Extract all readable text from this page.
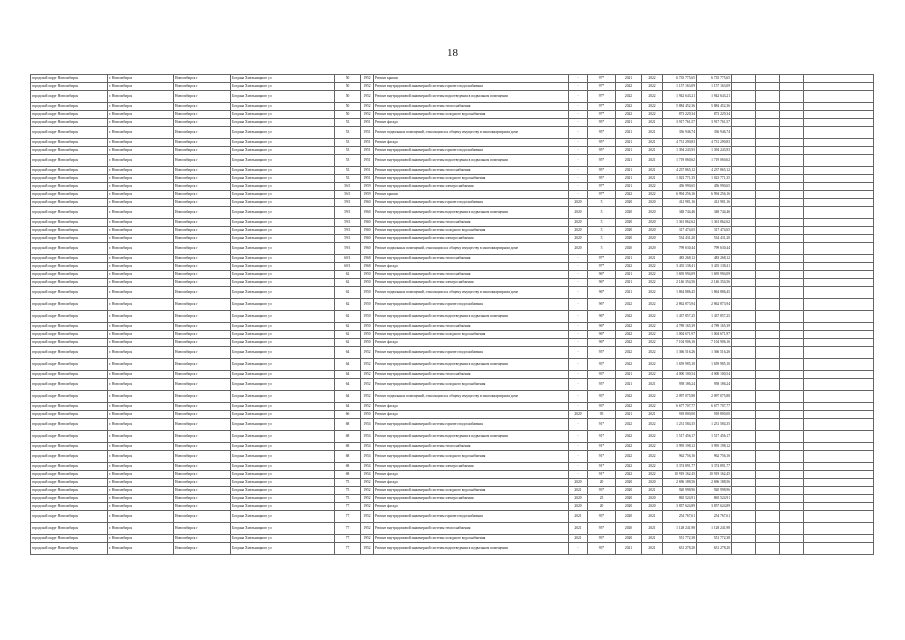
18
городской округ Новосибирск	г. Новосибирск	Новосибирск г	Богдана Хмельницкого ул	50	1952	Ремонт крыши	-	97*	2021	2022	6 735 775,65	6 735 775,65				
городской округ Новосибирск	г. Новосибирск	Новосибирск г	Богдана Хмельницкого ул	50	1952	Ремонт внутридомовой инженерной системы горячего водоснабжения	-	97*	2022	2022	1 157 163,09	1 157 163,09				
городской округ Новосибирск	г. Новосибирск	Новосибирск г	Богдана Хмельницкого ул	50	1952	Ремонт внутридомовой инженерной системы водоотведения в подвальном помещении	-	97*	2022	2022	1 942 643,21	1 942 643,21				
городской округ Новосибирск	г. Новосибирск	Новосибирск г	Богдана Хмельницкого ул	50	1952	Ремонт внутридомовой инженерной системы теплоснабжения	-	97*	2022	2022	5 884 452,36	5 884 452,36				
городской округ Новосибирск	г. Новосибирск	Новосибирск г	Богдана Хмельницкого ул	50	1952	Ремонт внутридомовой инженерной системы холодного водоснабжения	-	97*	2022	2022	873 229,34	873 229,34				
городской округ Новосибирск	г. Новосибирск	Новосибирск г	Богдана Хмельницкого ул	53	1951	Ремонт фасада	-	95*	2021	2021	3 917 761,57	3 917 761,57				
городской округ Новосибирск	г. Новосибирск	Новосибирск г	Богдана Хмельницкого ул	53	1951	Ремонт подвальных помещений, относящихся к общему имуществу в многоквартирном доме	-	95*	2021	2021	336 946,74	336 946,74				
городской округ Новосибирск	г. Новосибирск	Новосибирск г	Богдана Хмельницкого ул	53	1951	Ремонт фасада	-	95*	2021	2021	4 731 290,83	4 731 290,83				
городской округ Новосибирск	г. Новосибирск	Новосибирск г	Богдана Хмельницкого ул	53	1951	Ремонт внутридомовой инженерной системы горячего водоснабжения	-	95*	2021	2021	1 394 243,93	1 394 243,93				
городской округ Новосибирск	г. Новосибирск	Новосибирск г	Богдана Хмельницкого ул	53	1951	Ремонт внутридомовой инженерной системы водоотведения в подвальном помещении	-	95*	2021	2021	1 719 060,62	1 719 060,62				
городской округ Новосибирск	г. Новосибирск	Новосибирск г	Богдана Хмельницкого ул	53	1951	Ремонт внутридомовой инженерной системы теплоснабжения	-	95*	2021	2021	4 237 865,12	4 237 865,12				
городской округ Новосибирск	г. Новосибирск	Новосибирск г	Богдана Хмельницкого ул	53	1951	Ремонт внутридомовой инженерной системы холодного водоснабжения	-	95*	2021	2021	1 023 771,35	1 023 771,35				
городской округ Новосибирск	г. Новосибирск	Новосибирск г	Богдана Хмельницкого ул	56/1	1959	Ремонт внутридомовой инженерной системы электроснабжения	-	97*	2021	2022	456 990,65	456 990,65				
городской округ Новосибирск	г. Новосибирск	Новосибирск г	Богдана Хмельницкого ул	56/1	1959	Ремонт крыши	-	97*	2022	2022	6 994 256,16	6 994 256,16				
городской округ Новосибирск	г. Новосибирск	Новосибирск г	Богдана Хмельницкого ул	59/1	1960	Ремонт внутридомовой инженерной системы горячего водоснабжения	2020	5	2020	2020	412 981,16	412 981,16				
городской округ Новосибирск	г. Новосибирск	Новосибирск г	Богдана Хмельницкого ул	59/1	1960	Ремонт внутридомовой инженерной системы водоотведения в подвальном помещении	2020	5	2020	2020	348 744,46	348 744,46				
городской округ Новосибирск	г. Новосибирск	Новосибирск г	Богдана Хмельницкого ул	59/1	1960	Ремонт внутридомовой инженерной системы теплоснабжения	2020	5	2020	2020	1 361 862,62	1 361 862,62				
городской округ Новосибирск	г. Новосибирск	Новосибирск г	Богдана Хмельницкого ул	59/1	1960	Ремонт внутридомовой инженерной системы холодного водоснабжения	2020	5	2020	2020	317 474,65	317 474,65				
городской округ Новосибирск	г. Новосибирск	Новосибирск г	Богдана Хмельницкого ул	59/1	1960	Ремонт внутридомовой инженерной системы электроснабжения	2020	5	2020	2020	534 431,20	534 431,20				
городской округ Новосибирск	г. Новосибирск	Новосибирск г	Богдана Хмельницкого ул	59/1	1960	Ремонт подвальных помещений, относящихся к общему имуществу в многоквартирном доме	2020	5	2020	2020	799 630,44	799 630,44				
городской округ Новосибирск	г. Новосибирск	Новосибирск г	Богдана Хмельницкого ул	60/1	1968	Ремонт внутридомовой инженерной системы теплоснабжения	-	97*	2021	2021	483 268,12	483 268,12				
городской округ Новосибирск	г. Новосибирск	Новосибирск г	Богдана Хмельницкого ул	60/1	1968	Ремонт фасада	-	97*	2022	2022	3 435 138,41	3 435 138,41				
городской округ Новосибирск	г. Новосибирск	Новосибирск г	Богдана Хмельницкого ул	62	1950	Ремонт внутридомовой инженерной системы теплоснабжения	-	96*	2021	2022	1 695 994,09	1 695 994,09				
городской округ Новосибирск	г. Новосибирск	Новосибирск г	Богдана Хмельницкого ул	62	1950	Ремонт внутридомовой инженерной системы электроснабжения	-	96*	2021	2022	2 146 354,56	2 146 354,56				
городской округ Новосибирск	г. Новосибирск	Новосибирск г	Богдана Хмельницкого ул	62	1950	Ремонт подвальных помещений, относящихся к общему имуществу в многоквартирном доме	-	96*	2021	2022	1 864 886,45	1 864 886,45				
городской округ Новосибирск	г. Новосибирск	Новосибирск г	Богдана Хмельницкого ул	62	1950	Ремонт внутридомовой инженерной системы горячего водоснабжения	-	96*	2022	2022	2 862 873,94	2 862 873,94				
городской округ Новосибирск	г. Новосибирск	Новосибирск г	Богдана Хмельницкого ул	62	1950	Ремонт внутридомовой инженерной системы водоотведения в подвальном помещении	-	96*	2022	2022	1 437 857,25	1 437 857,25				
городской округ Новосибирск	г. Новосибирск	Новосибирск г	Богдана Хмельницкого ул	62	1950	Ремонт внутридомовой инженерной системы теплоснабжения	-	96*	2022	2022	4 789 165,39	4 789 165,39				
городской округ Новосибирск	г. Новосибирск	Новосибирск г	Богдана Хмельницкого ул	62	1950	Ремонт внутридомовой инженерной системы холодного водоснабжения	-	96*	2022	2022	1 004 671,97	1 004 671,97				
городской округ Новосибирск	г. Новосибирск	Новосибирск г	Богдана Хмельницкого ул	62	1950	Ремонт фасада	-	96*	2022	2022	7 104 906,16	7 104 906,16				
городской округ Новосибирск	г. Новосибирск	Новосибирск г	Богдана Хмельницкого ул	64	1952	Ремонт внутридомовой инженерной системы горячего водоснабжения	-	93*	2022	2022	1 366 516,26	1 366 516,26				
городской округ Новосибирск	г. Новосибирск	Новосибирск г	Богдана Хмельницкого ул	64	1952	Ремонт внутридомовой инженерной системы водоотведения в подвальном помещении	-	93*	2022	2022	1 659 985,10	1 659 985,10				
городской округ Новосибирск	г. Новосибирск	Новосибирск г	Богдана Хмельницкого ул	64	1952	Ремонт внутридомовой инженерной системы теплоснабжения	-	93*	2021	2022	4 000 100,54	4 000 100,54				
городской округ Новосибирск	г. Новосибирск	Новосибирск г	Богдана Хмельницкого ул	64	1952	Ремонт внутридомовой инженерной системы холодного водоснабжения	-	93*	2021	2021	958 186,24	958 186,24				
городской округ Новосибирск	г. Новосибирск	Новосибирск г	Богдана Хмельницкого ул	64	1952	Ремонт подвальных помещений, относящихся к общему имуществу в многоквартирном доме	-	93*	2022	2022	2 097 075,88	2 097 075,88				
городской округ Новосибирск	г. Новосибирск	Новосибирск г	Богдана Хмельницкого ул	64	1952	Ремонт фасада	-	93*	2022	2022	6 677 707,77	6 677 707,77				
городской округ Новосибирск	г. Новосибирск	Новосибирск г	Богдана Хмельницкого ул	66	1950	Ремонт фасада	2020	95	2021	2021	918 800,00	918 800,00				
городской округ Новосибирск	г. Новосибирск	Новосибирск г	Богдана Хмельницкого ул	68	1954	Ремонт внутридомовой инженерной системы горячего водоснабжения	-	91*	2022	2022	1 231 584,35	1 231 584,35				
городской округ Новосибирск	г. Новосибирск	Новосибирск г	Богдана Хмельницкого ул	68	1954	Ремонт внутридомовой инженерной системы водоотведения в подвальном помещении	-	91*	2022	2022	1 517 456,17	1 517 456,17				
городской округ Новосибирск	г. Новосибирск	Новосибирск г	Богдана Хмельницкого ул	68	1954	Ремонт внутридомовой инженерной системы теплоснабжения	-	91*	2022	2022	3 995 198,12	3 995 198,12				
городской округ Новосибирск	г. Новосибирск	Новосибирск г	Богдана Хмельницкого ул	68	1954	Ремонт внутридомовой инженерной системы холодного водоснабжения	-	91*	2022	2022	962 756,16	962 756,16				
городской округ Новосибирск	г. Новосибирск	Новосибирск г	Богдана Хмельницкого ул	68	1954	Ремонт внутридомовой инженерной системы электроснабжения	-	91*	2022	2022	3 374 891,77	3 374 891,77				
городской округ Новосибирск	г. Новосибирск	Новосибирск г	Богдана Хмельницкого ул	68	1954	Ремонт фасада	-	91*	2022	2022	10 919 162,45	10 919 162,45				
городской округ Новосибирск	г. Новосибирск	Новосибирск г	Богдана Хмельницкого ул	75	1952	Ремонт фасада	2020	20	2020	2020	2 696 188,56	2 696 188,56				
городской округ Новосибирск	г. Новосибирск	Новосибирск г	Богдана Хмельницкого ул	75	1952	Ремонт внутридомовой инженерной системы холодного водоснабжения	2021	93*	2020	2021	920 998,96	920 998,96				
городской округ Новосибирск	г. Новосибирск	Новосибирск г	Богдана Хмельницкого ул	75	1952	Ремонт внутридомовой инженерной системы электроснабжения	2020	25	2020	2020	865 524,91	865 524,91				
городской округ Новосибирск	г. Новосибирск	Новосибирск г	Богдана Хмельницкого ул	77	1952	Ремонт фасада	2020	20	2020	2020	3 857 624,89	3 857 624,89				
городской округ Новосибирск	г. Новосибирск	Новосибирск г	Богдана Хмельницкого ул	77	1952	Ремонт внутридомовой инженерной системы горячего водоснабжения	2021	93*	2020	2021	254 767,61	254 767,61				
городской округ Новосибирск	г. Новосибирск	Новосибирск г	Богдана Хмельницкого ул	77	1952	Ремонт внутридомовой инженерной системы теплоснабжения	2021	93*	2020	2021	1 128 241,98	1 128 241,98				
городской округ Новосибирск	г. Новосибирск	Новосибирск г	Богдана Хмельницкого ул	77	1952	Ремонт внутридомовой инженерной системы холодного водоснабжения	2021	93*	2020	2021	551 772,38	551 772,38				
городской округ Новосибирск	г. Новосибирск	Новосибирск г	Богдана Хмельницкого ул	77	1952	Ремонт внутридомовой инженерной системы водоотведения в подвальном помещении	-	93*	2021	2021	631 278,20	631 278,20				
